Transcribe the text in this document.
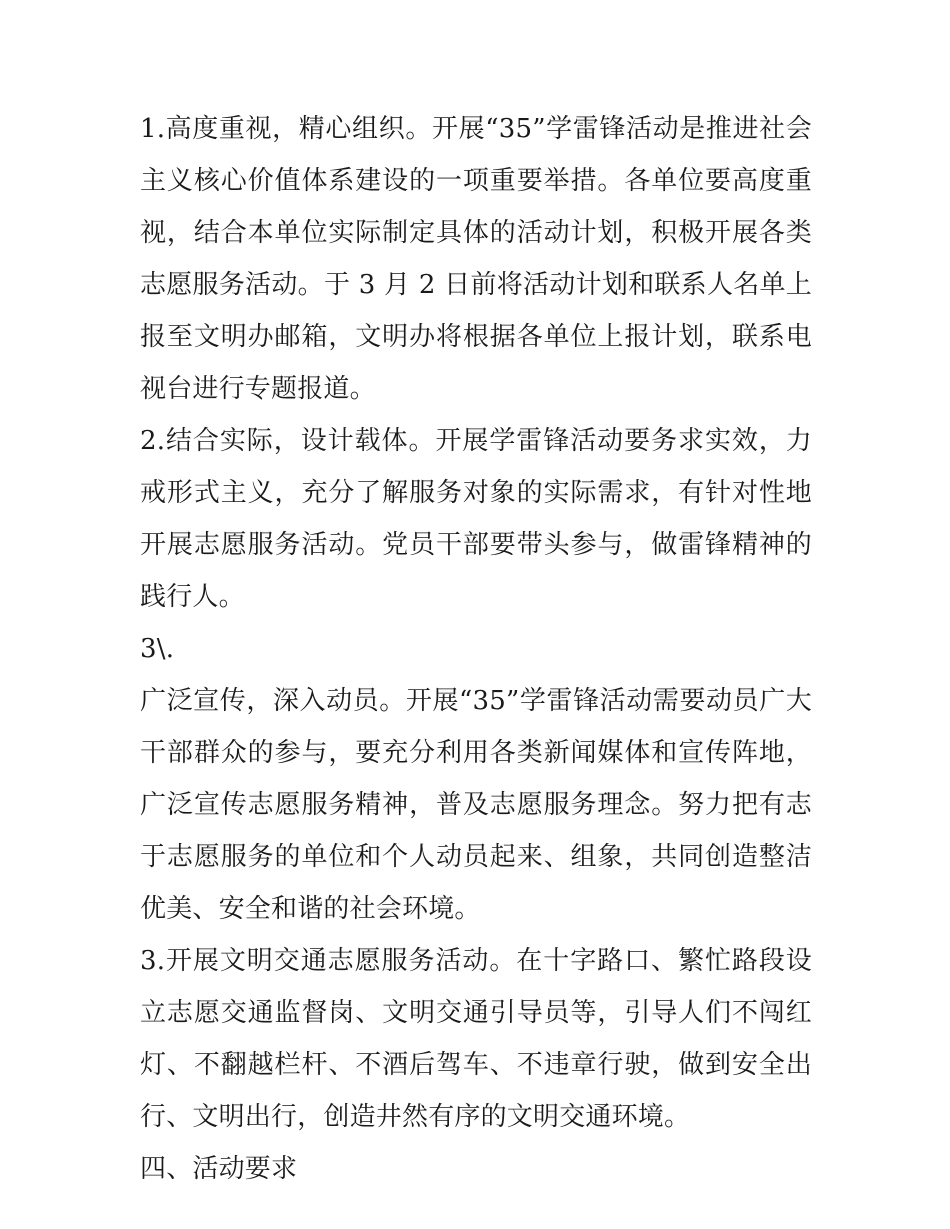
1.高度重视，精心组织。开展“35”学雷锋活动是推进社会主义核心价值体系建设的一项重要举措。各单位要高度重视，结合本单位实际制定具体的活动计划，积极开展各类志愿服务活动。于 3 月 2 日前将活动计划和联系人名单上报至文明办邮箱，文明办将根据各单位上报计划，联系电视台进行专题报道。

2.结合实际，设计载体。开展学雷锋活动要务求实效，力戒形式主义，充分了解服务对象的实际需求，有针对性地开展志愿服务活动。党员干部要带头参与，做雷锋精神的践行人。

3\.

广泛宣传，深入动员。开展“35”学雷锋活动需要动员广大干部群众的参与，要充分利用各类新闻媒体和宣传阵地，广泛宣传志愿服务精神，普及志愿服务理念。努力把有志于志愿服务的单位和个人动员起来、组象，共同创造整洁优美、安全和谐的社会环境。

3.开展文明交通志愿服务活动。在十字路口、繁忙路段设立志愿交通监督岗、文明交通引导员等，引导人们不闯红灯、不翻越栏杆、不酒后驾车、不违章行驶，做到安全出行、文明出行，创造井然有序的文明交通环境。

四、活动要求
